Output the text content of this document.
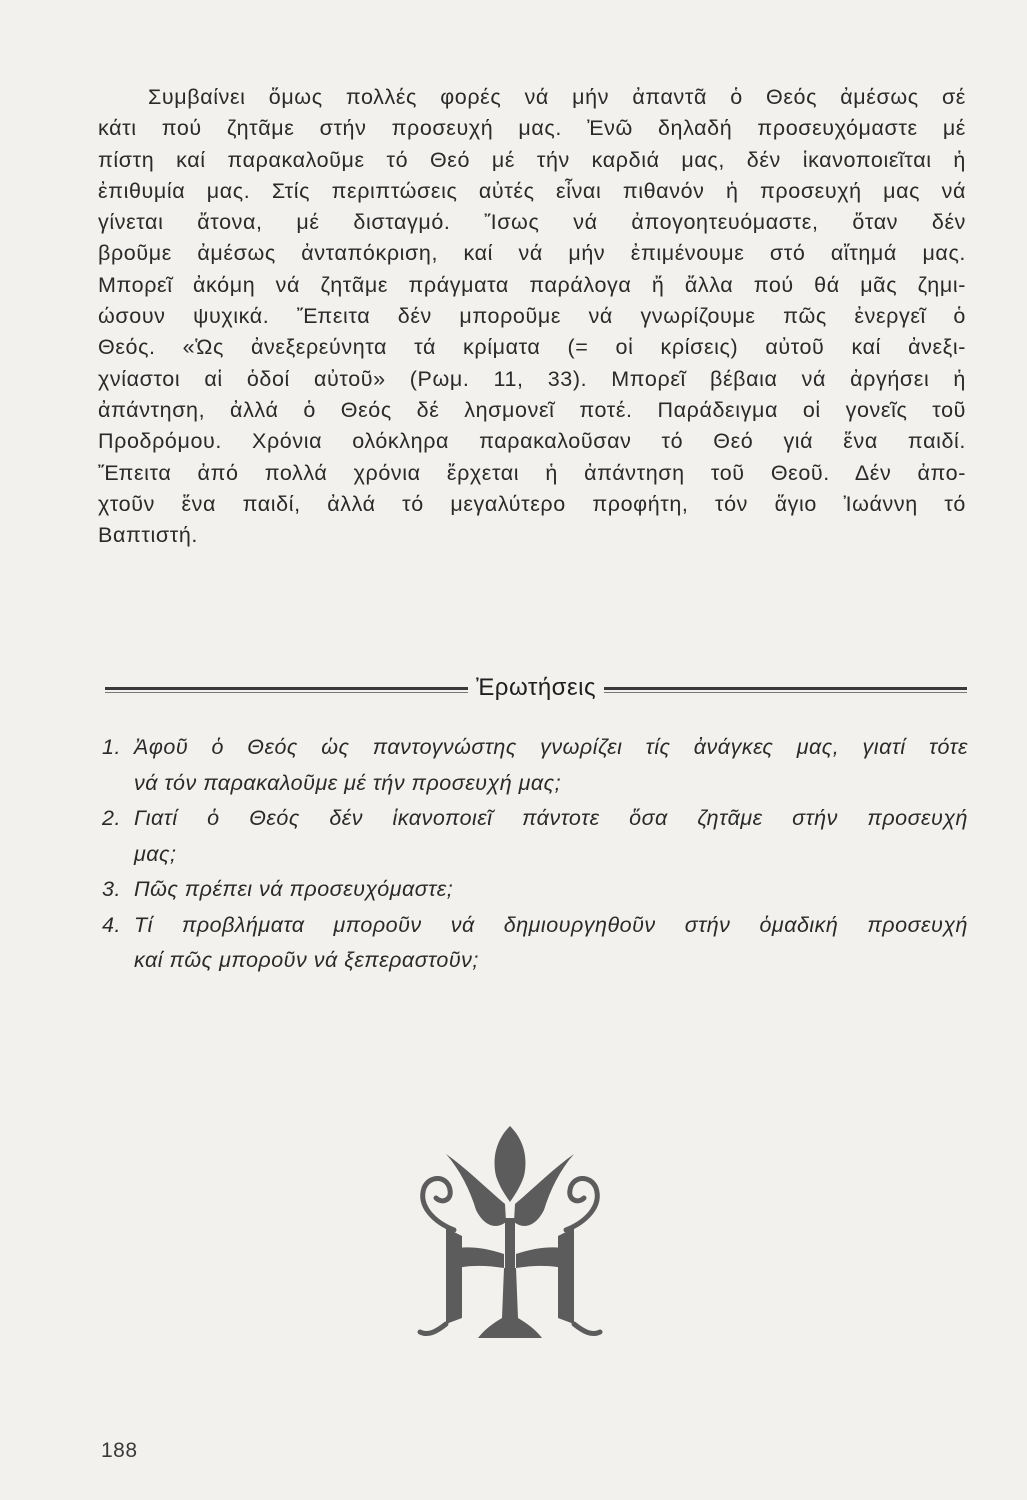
Συμβαίνει ὅμως πολλές φορές νά μήν ἀπαντᾶ ὁ Θεός ἀμέσως σέ
κάτι πού ζητᾶμε στήν προσευχή μας. Ἐνῶ δηλαδή προσευχόμαστε μέ
πίστη καί παρακαλοῦμε τό Θεό μέ τήν καρδιά μας, δέν ἱκανοποιεῖται ἡ
ἐπιθυμία μας. Στίς περιπτώσεις αὐτές εἶναι πιθανόν ἡ προσευχή μας νά
γίνεται ἄτονα, μέ δισταγμό. Ἴσως νά ἀπογοητευόμαστε, ὅταν δέν
βροῦμε ἀμέσως ἀνταπόκριση, καί νά μήν ἐπιμένουμε στό αἴτημά μας.
Μπορεῖ ἀκόμη νά ζητᾶμε πράγματα παράλογα ἤ ἄλλα πού θά μᾶς ζημι-
ώσουν ψυχικά. Ἔπειτα δέν μποροῦμε νά γνωρίζουμε πῶς ἐνεργεῖ ὁ
Θεός. «Ὡς ἀνεξερεύνητα τά κρίματα (= οἱ κρίσεις) αὐτοῦ καί ἀνεξι-
χνίαστοι αἱ ὁδοί αὐτοῦ» (Ρωμ. 11, 33). Μπορεῖ βέβαια νά ἀργήσει ἡ
ἀπάντηση, ἀλλά ὁ Θεός δέ λησμονεῖ ποτέ. Παράδειγμα οἱ γονεῖς τοῦ
Προδρόμου. Χρόνια ολόκληρα παρακαλοῦσαν τό Θεό γιά ἕνα παιδί.
Ἔπειτα ἀπό πολλά χρόνια ἔρχεται ἡ ἀπάντηση τοῦ Θεοῦ. Δέν ἀπο-
χτοῦν ἕνα παιδί, ἀλλά τό μεγαλύτερο προφήτη, τόν ἅγιο Ἰωάννη τό
Βαπτιστή.
Ἐρωτήσεις
1. Ἀφοῦ ὁ Θεός ὡς παντογνώστης γνωρίζει τίς ἀνάγκες μας, γιατί τότε
νά τόν παρακαλοῦμε μέ τήν προσευχή μας;
2. Γιατί ὁ Θεός δέν ἱκανοποιεῖ πάντοτε ὅσα ζητᾶμε στήν προσευχή
μας;
3. Πῶς πρέπει νά προσευχόμαστε;
4. Τί προβλήματα μποροῦν νά δημιουργηθοῦν στήν ὁμαδική προσευχή
καί πῶς μποροῦν νά ξεπεραστοῦν;
188
